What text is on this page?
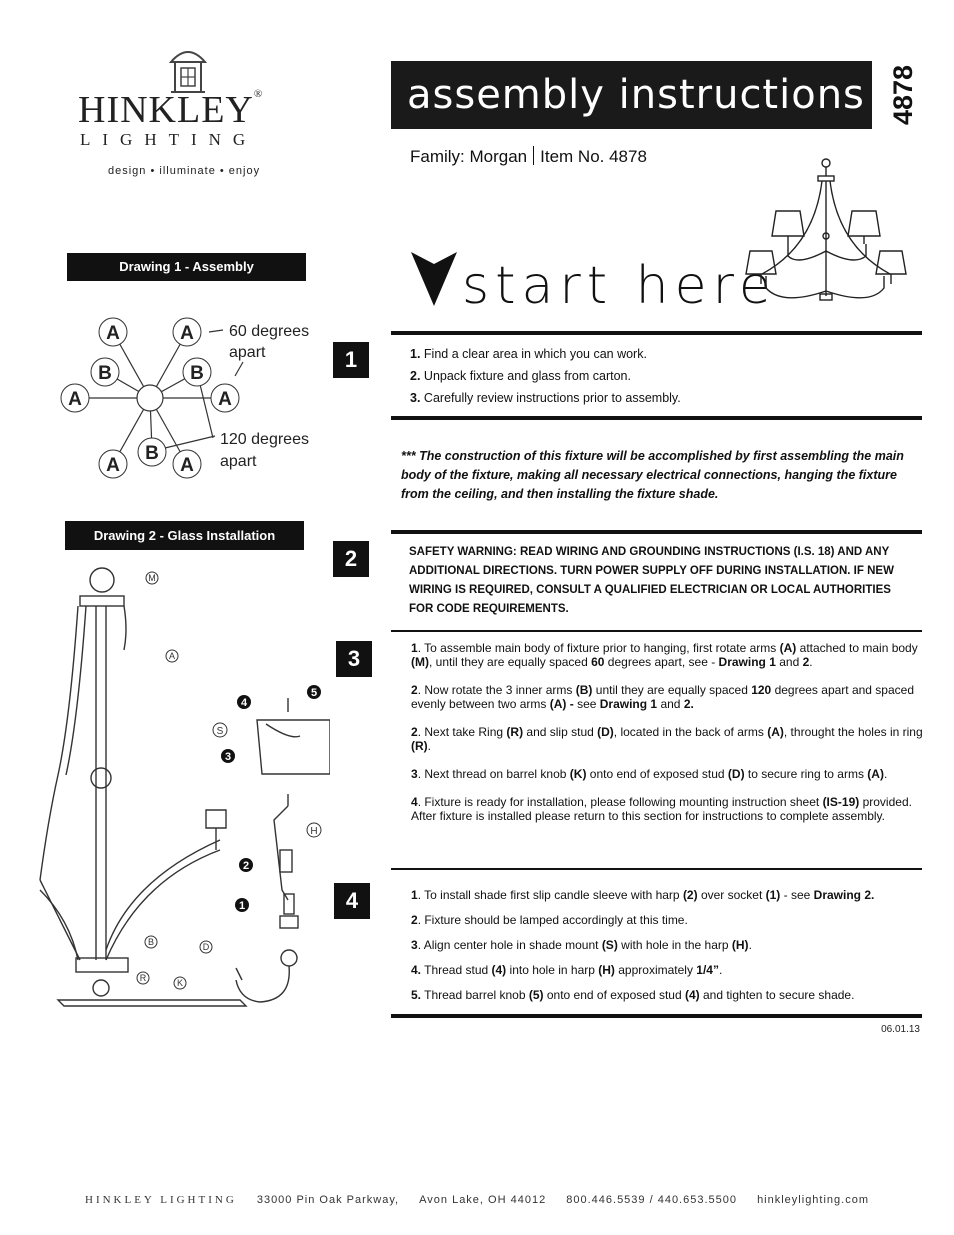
HINKLEY®
LIGHTING
design • illuminate • enjoy
assembly instructions 4878
Family: Morgan Item No. 4878
start here
Drawing 1 - Assembly
A	A
B	B
A	A
B
A	A
60 degrees
apart
120 degrees
apart
Drawing 2 - Glass Installation
M
A
4
5
S
3
H
2
1
B	D
R	K
1	1. Find a clear area in which you can work.
2. Unpack fixture and glass from carton.
3. Carefully review instructions prior to assembly.
*** The construction of this fixture will be accomplished by first assembling the main body of the fixture, making all necessary electrical connections, hanging the fixture from the ceiling, and then installing the fixture shade.
2	SAFETY WARNING: READ WIRING AND GROUNDING INSTRUCTIONS (I.S. 18) AND ANY ADDITIONAL DIRECTIONS. TURN POWER SUPPLY OFF DURING INSTALLATION. IF NEW WIRING IS REQUIRED, CONSULT A QUALIFIED ELECTRICIAN OR LOCAL AUTHORITIES FOR CODE REQUIREMENTS.
3	1. To assemble main body of fixture prior to hanging, first rotate arms (A) attached to main body (M), until they are equally spaced 60 degrees apart, see - Drawing 1 and 2.

2. Now rotate the 3 inner arms (B) until they are equally spaced 120 degrees apart and spaced evenly between two arms (A) - see Drawing 1 and 2.

2. Next take Ring (R) and slip stud (D), located in the back of arms (A), throught the holes in ring (R).

3. Next thread on barrel knob (K) onto end of exposed stud (D) to secure ring to arms (A).

4. Fixture is ready for installation, please following mounting instruction sheet (IS-19) provided. After fixture is installed please return to this section for instructions to complete assembly.

4	1. To install shade first slip candle sleeve with harp (2) over socket (1) - see Drawing 2.

2. Fixture should be lamped accordingly at this time.

3. Align center hole in shade mount (S) with hole in the harp (H).

4. Thread stud (4) into hole in harp (H) approximately 1/4”.

5. Thread barrel knob (5) onto end of exposed stud (4) and tighten to secure shade.

06.01.13
HINKLEY LIGHTING 33000 Pin Oak Parkway, Avon Lake, OH 44012 800.446.5539 / 440.653.5500 hinkleylighting.com
